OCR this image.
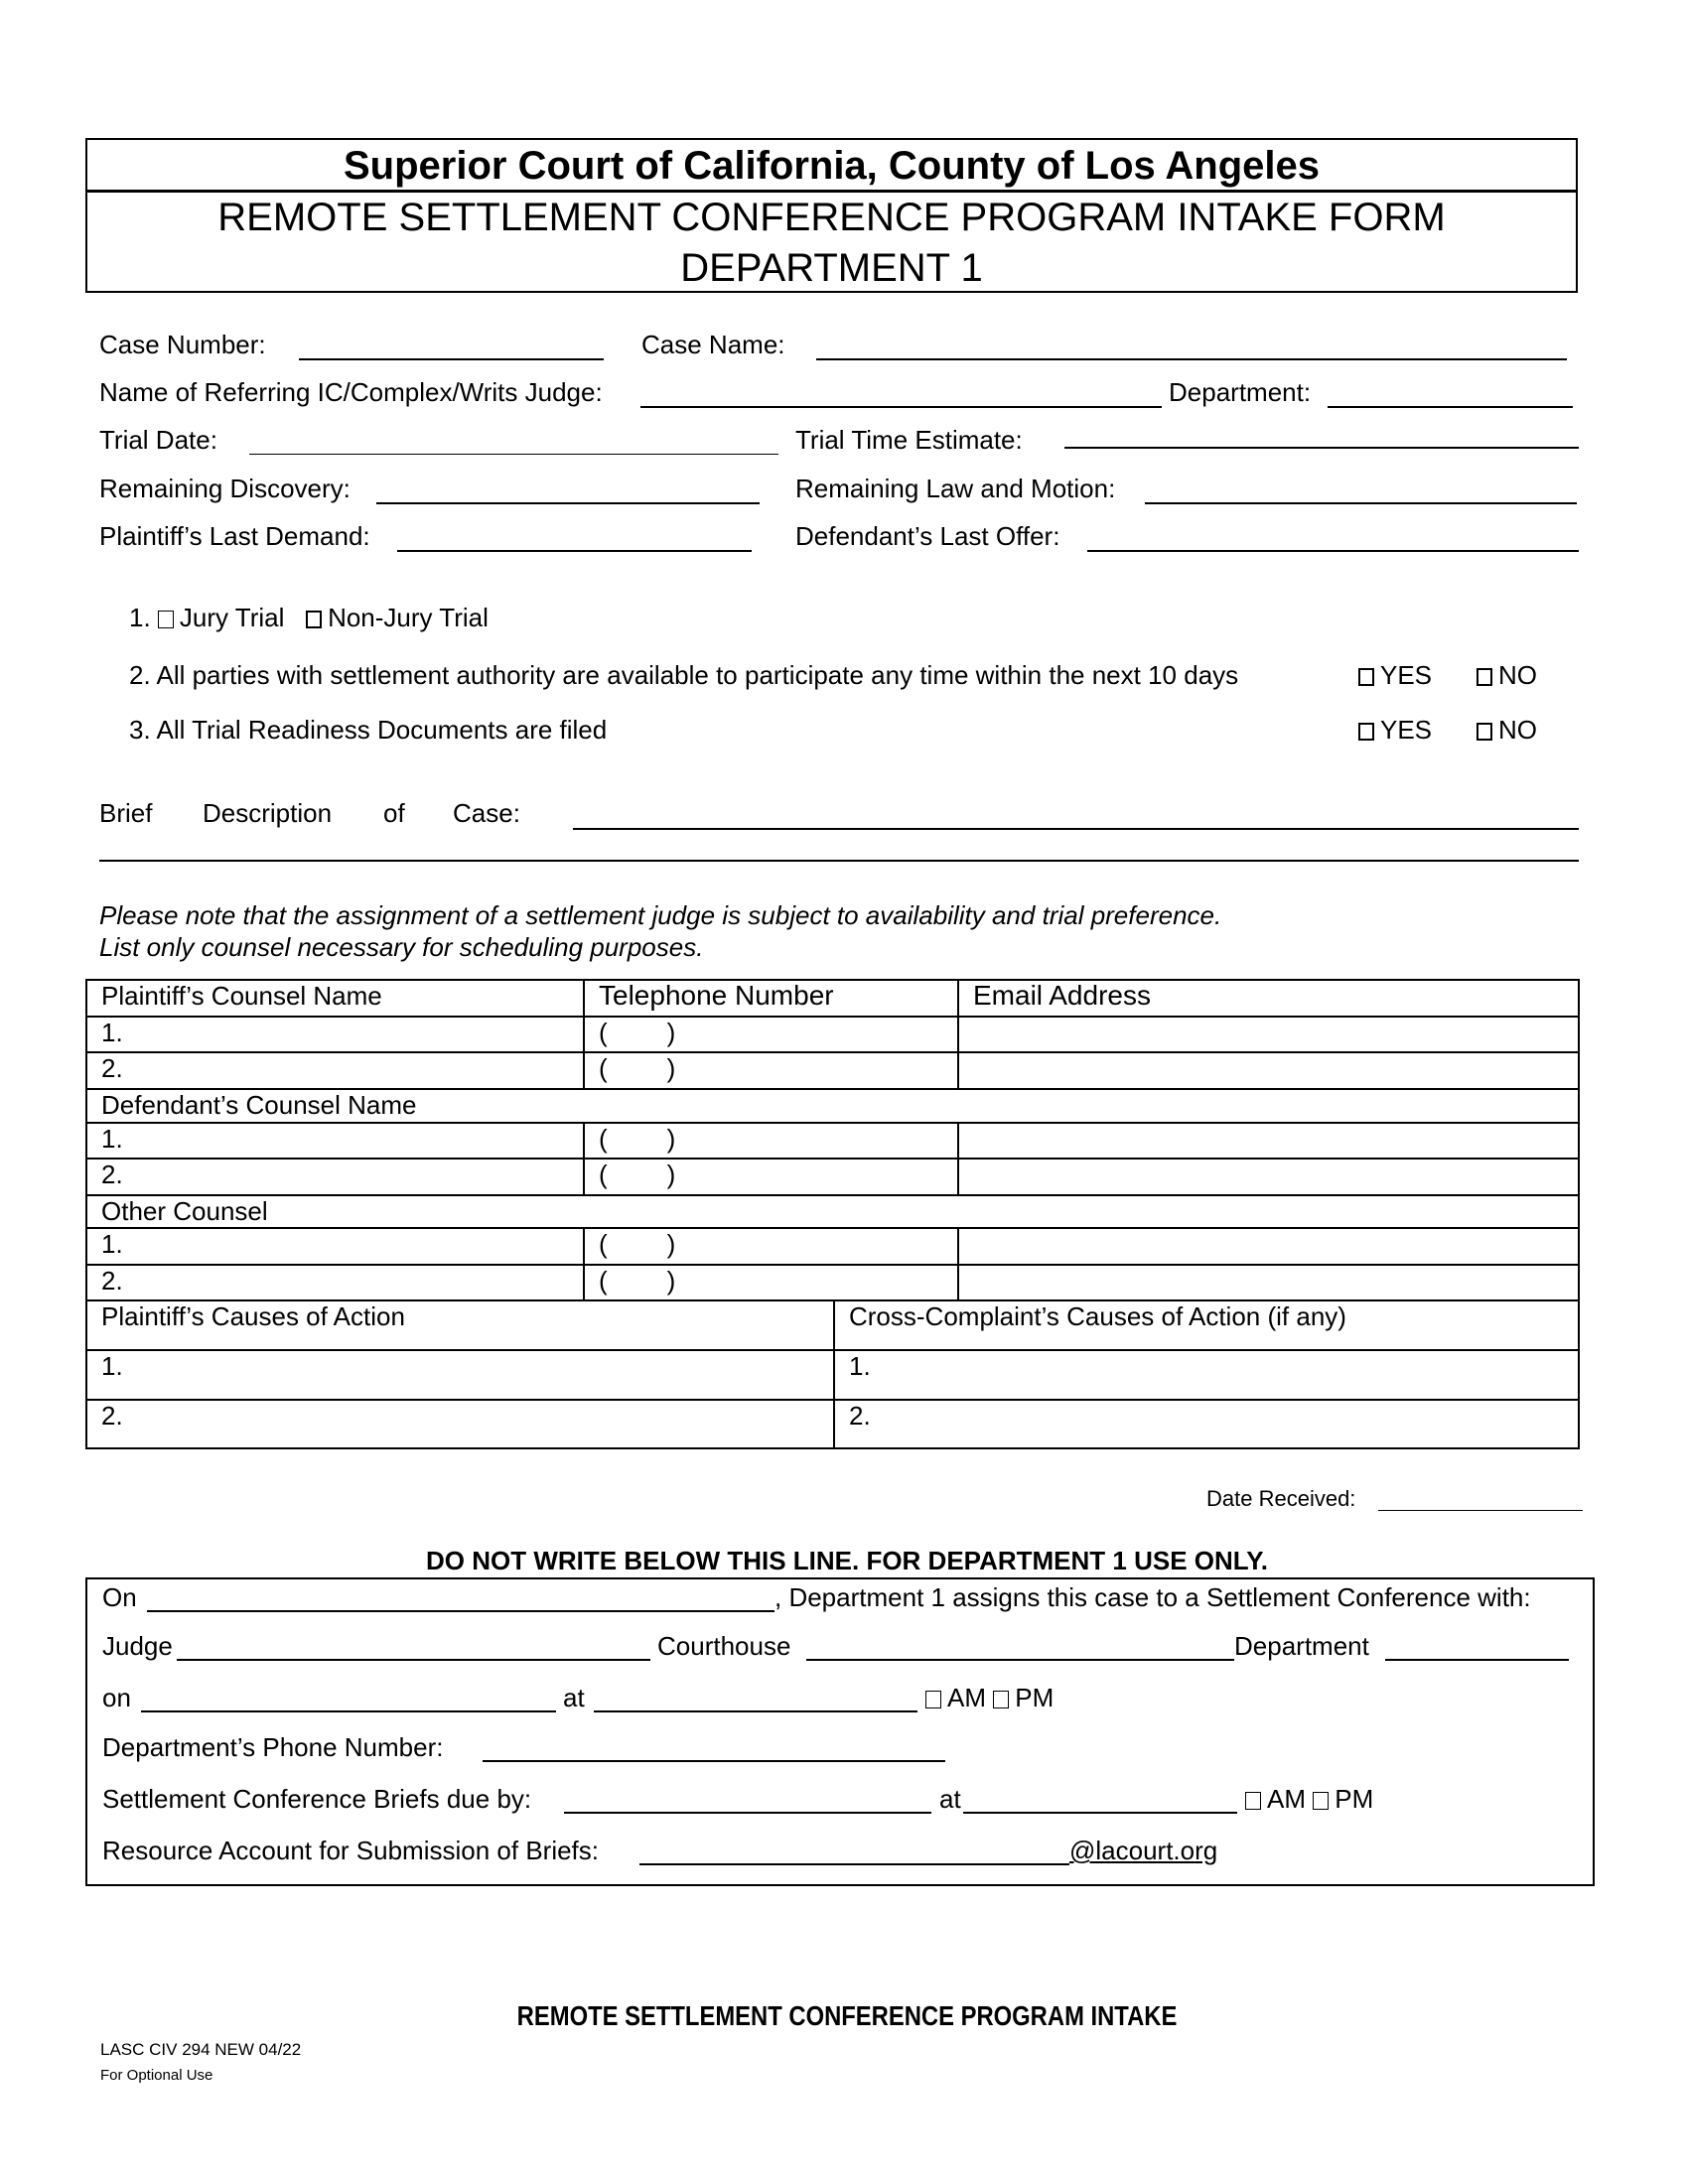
Superior Court of California, County of Los Angeles
REMOTE SETTLEMENT CONFERENCE PROGRAM INTAKE FORM
DEPARTMENT 1
Case Number:	Case Name:
Name of Referring IC/Complex/Writs Judge:	Department:
Trial Date:	Trial Time Estimate:
Remaining Discovery:	Remaining Law and Motion:
Plaintiff’s Last Demand:	Defendant’s Last Offer:
1. Jury Trial Non-Jury Trial
2. All parties with settlement authority are available to participate any time within the next 10 days	YES	NO
3. All Trial Readiness Documents are filed	YES	NO
Brief Description of Case:
Please note that the assignment of a settlement judge is subject to availability and trial preference.
List only counsel necessary for scheduling purposes.
Plaintiff’s Counsel Name	Telephone Number	Email Address
1.	( )	
2.	( )	
Defendant’s Counsel Name		
1.	( )	
2.	( )	
Other Counsel		
1.	( )	
2.	( )	
Plaintiff’s Causes of Action	Cross-Complaint’s Causes of Action (if any)
1.	1.
2.	2.
Date Received:
DO NOT WRITE BELOW THIS LINE. FOR DEPARTMENT 1 USE ONLY.
On	, Department 1 assigns this case to a Settlement Conference with:
Judge	Courthouse	Department
on	at	AM PM
Department’s Phone Number:
Settlement Conference Briefs due by:	at	AM PM
Resource Account for Submission of Briefs:	@lacourt.org
REMOTE SETTLEMENT CONFERENCE PROGRAM INTAKE
LASC CIV 294 NEW 04/22
For Optional Use
